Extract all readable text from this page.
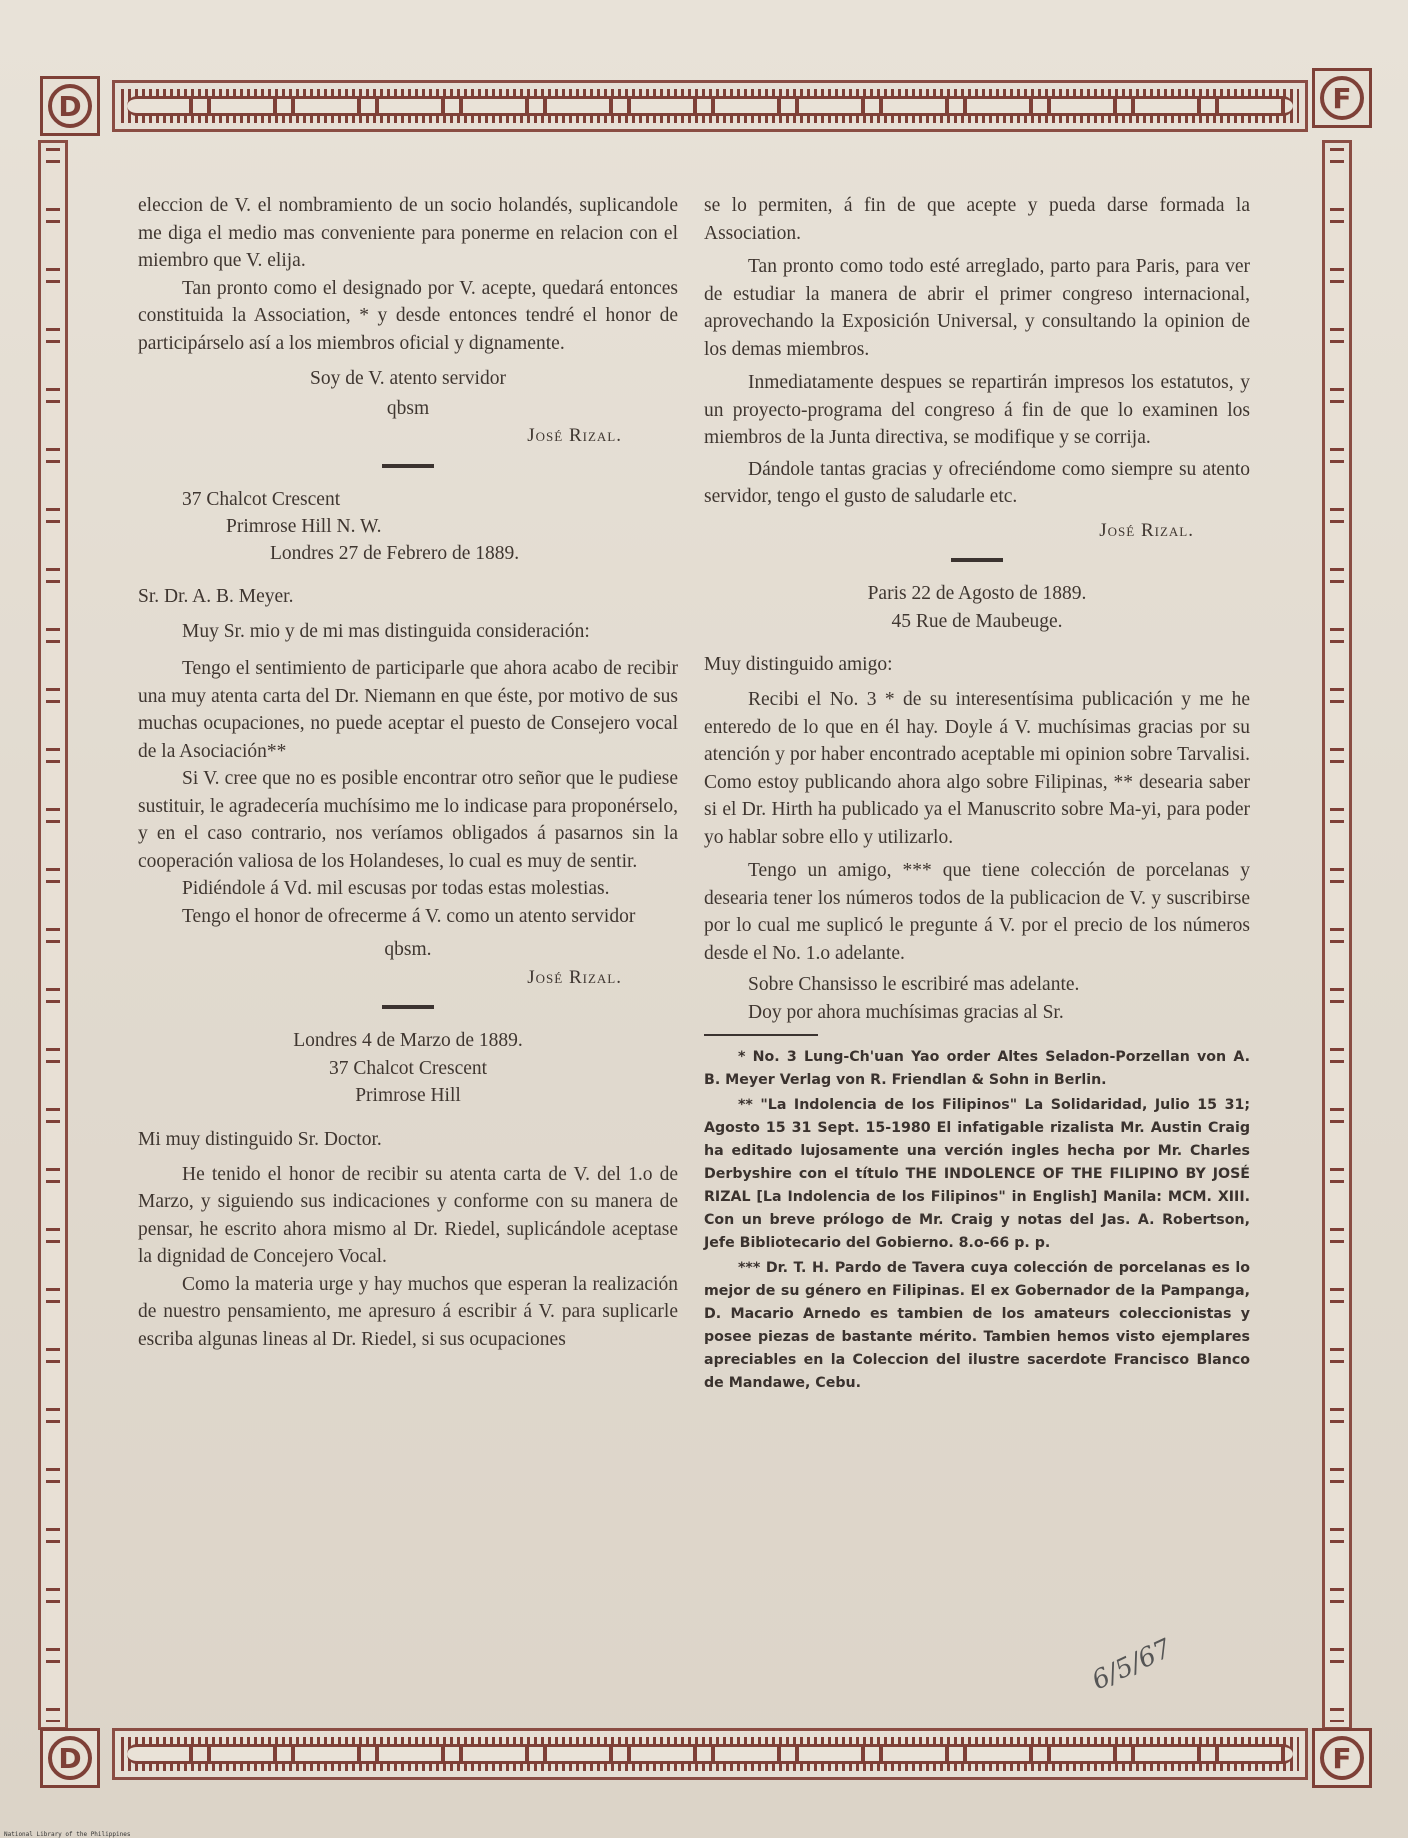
D	F
D	F

eleccion de V. el nombramiento de un socio holandés, suplicandole me diga el medio mas conveniente para ponerme en relacion con el miembro que V. elija.

Tan pronto como el designado por V. acepte, quedará entonces constituida la Association, * y desde entonces tendré el honor de participárselo así a los miembros oficial y dignamente.

Soy de V. atento servidor

qbsm

José Rizal.

37 Chalcot Crescent

Primrose Hill N. W.

Londres 27 de Febrero de 1889.

Sr. Dr. A. B. Meyer.

Muy Sr. mio y de mi mas distinguida consideración:

Tengo el sentimiento de participarle que ahora acabo de recibir una muy atenta carta del Dr. Niemann en que éste, por motivo de sus muchas ocupaciones, no puede aceptar el puesto de Consejero vocal de la Asociación**

Si V. cree que no es posible encontrar otro señor que le pudiese sustituir, le agradecería muchísimo me lo indicase para proponérselo, y en el caso contrario, nos veríamos obligados á pasarnos sin la cooperación valiosa de los Holandeses, lo cual es muy de sentir.

Pidiéndole á Vd. mil escusas por todas estas molestias.

Tengo el honor de ofrecerme á V. como un atento servidor

qbsm.

José Rizal.

Londres 4 de Marzo de 1889.

37 Chalcot Crescent

Primrose Hill

Mi muy distinguido Sr. Doctor.

He tenido el honor de recibir su atenta carta de V. del 1.o de Marzo, y siguiendo sus indicaciones y conforme con su manera de pensar, he escrito ahora mismo al Dr. Riedel, suplicándole aceptase la dignidad de Concejero Vocal.

Como la materia urge y hay muchos que esperan la realización de nuestro pensamiento, me apresuro á escribir á V. para suplicarle escriba algunas lineas al Dr. Riedel, si sus ocupaciones

se lo permiten, á fin de que acepte y pueda darse formada la Association.

Tan pronto como todo esté arreglado, parto para Paris, para ver de estudiar la manera de abrir el primer congreso internacional, aprovechando la Exposición Universal, y consultando la opinion de los demas miembros.

Inmediatamente despues se repartirán impresos los estatutos, y un proyecto-programa del congreso á fin de que lo examinen los miembros de la Junta directiva, se modifique y se corrija.

Dándole tantas gracias y ofreciéndome como siempre su atento servidor, tengo el gusto de saludarle etc.

José Rizal.

Paris 22 de Agosto de 1889.

45 Rue de Maubeuge.

Muy distinguido amigo:

Recibi el No. 3 * de su interesentísima publicación y me he enteredo de lo que en él hay. Doyle á V. muchísimas gracias por su atención y por haber encontrado aceptable mi opinion sobre Tarvalisi. Como estoy publicando ahora algo sobre Filipinas, ** desearia saber si el Dr. Hirth ha publicado ya el Manuscrito sobre Ma-yi, para poder yo hablar sobre ello y utilizarlo.

Tengo un amigo, *** que tiene colección de porcelanas y desearia tener los números todos de la publicacion de V. y suscribirse por lo cual me suplicó le pregunte á V. por el precio de los números desde el No. 1.o adelante.

Sobre Chansisso le escribiré mas adelante.

Doy por ahora muchísimas gracias al Sr.

* No. 3 Lung-Ch'uan Yao order Altes Seladon-Porzellan von A. B. Meyer Verlag von R. Friendlan & Sohn in Berlin.

** "La Indolencia de los Filipinos" La Solidaridad, Julio 15 31; Agosto 15 31 Sept. 15-1980 El infatigable rizalista Mr. Austin Craig ha editado lujosamente una verción ingles hecha por Mr. Charles Derbyshire con el título THE INDOLENCE OF THE FILIPINO BY JOSÉ RIZAL [La Indolencia de los Filipinos" in English] Manila: MCM. XIII. Con un breve prólogo de Mr. Craig y notas del Jas. A. Robertson, Jefe Bibliotecario del Gobierno. 8.o-66 p. p.

*** Dr. T. H. Pardo de Tavera cuya colección de porcelanas es lo mejor de su género en Filipinas. El ex Gobernador de la Pampanga, D. Macario Arnedo es tambien de los amateurs coleccionistas y posee piezas de bastante mérito. Tambien hemos visto ejemplares apreciables en la Coleccion del ilustre sacerdote Francisco Blanco de Mandawe, Cebu.

6/5/67
National Library of the Philippines
